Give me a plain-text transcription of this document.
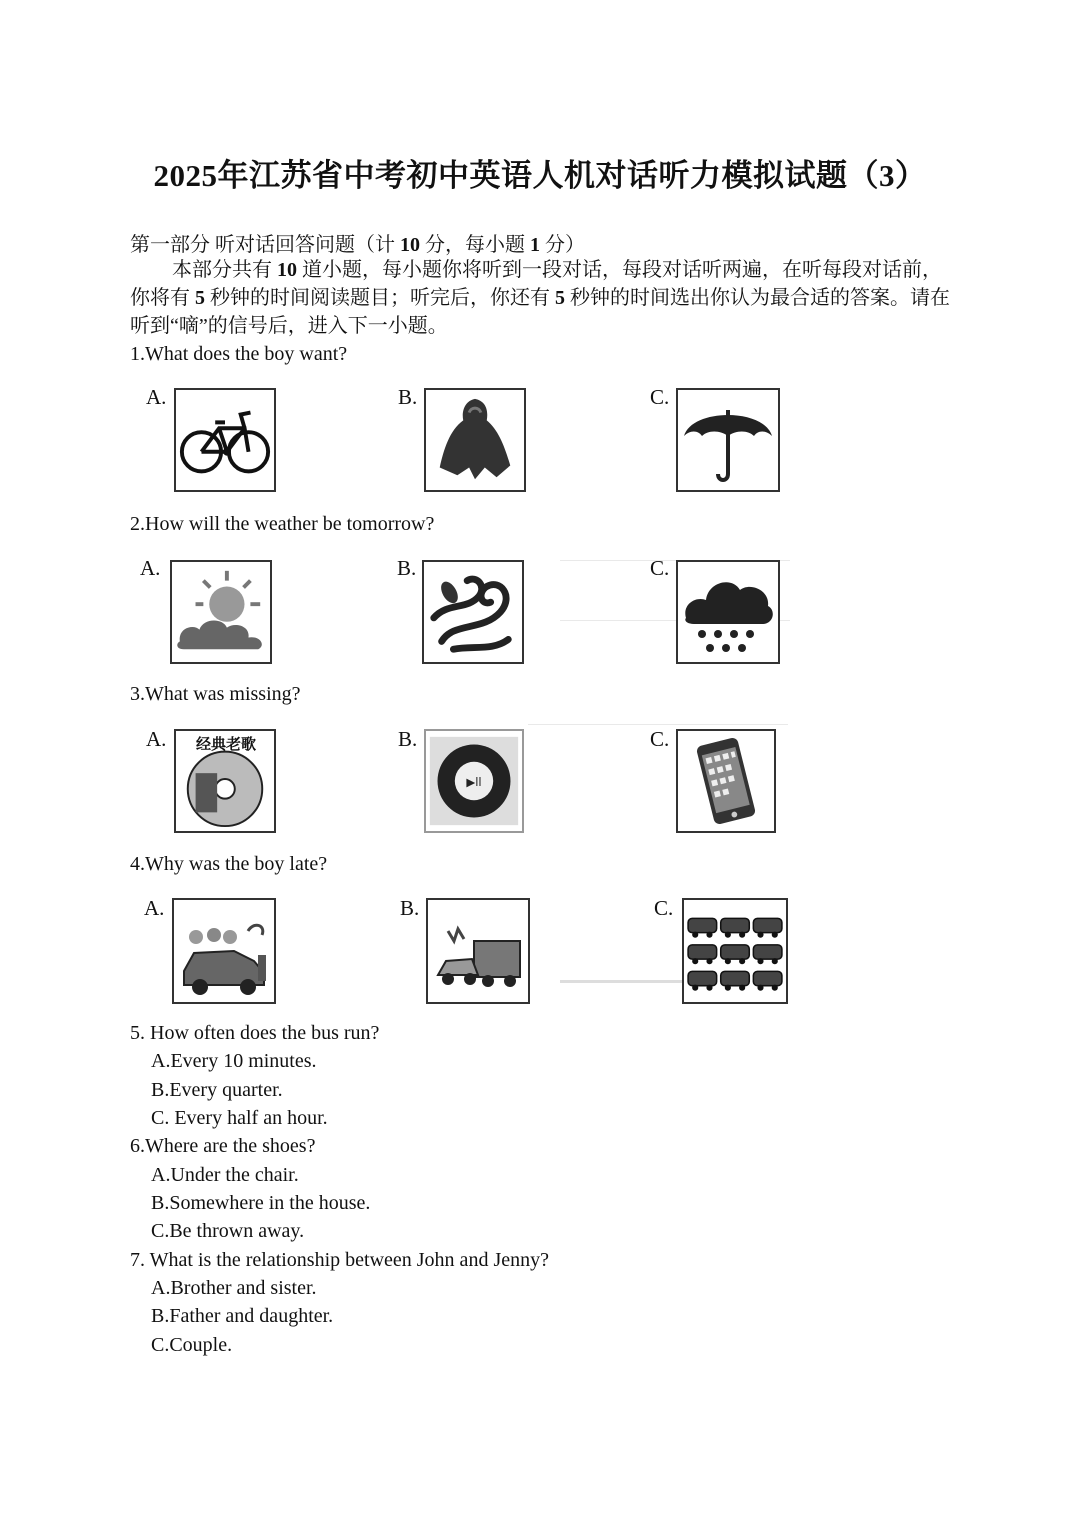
2025年江苏省中考初中英语人机对话听力模拟试题（3）
第一部分 听对话回答问题（计 10 分，每小题 1 分）
本部分共有 10 道小题，每小题你将听到一段对话，每段对话听两遍，在听每段对话前，你将有 5 秒钟的时间阅读题目；听完后，你还有 5 秒钟的时间选出你认为最合适的答案。请在听到“嘀”的信号后，进入下一小题。
1.What does the boy want?
A.	B.	C.
2.How will the weather be tomorrow?
A.	B.	C.
3.What was missing?
A.	经典老歌	B.
▶ll
C.
4.Why was the boy late?
A.	B.	C.
5. How often does the bus run?
A.Every 10 minutes.
B.Every quarter.
C. Every half an hour.
6.Where are the shoes?
A.Under the chair.
B.Somewhere in the house.
C.Be thrown away.
7. What is the relationship between John and Jenny?
A.Brother and sister.
B.Father and daughter.
C.Couple.
